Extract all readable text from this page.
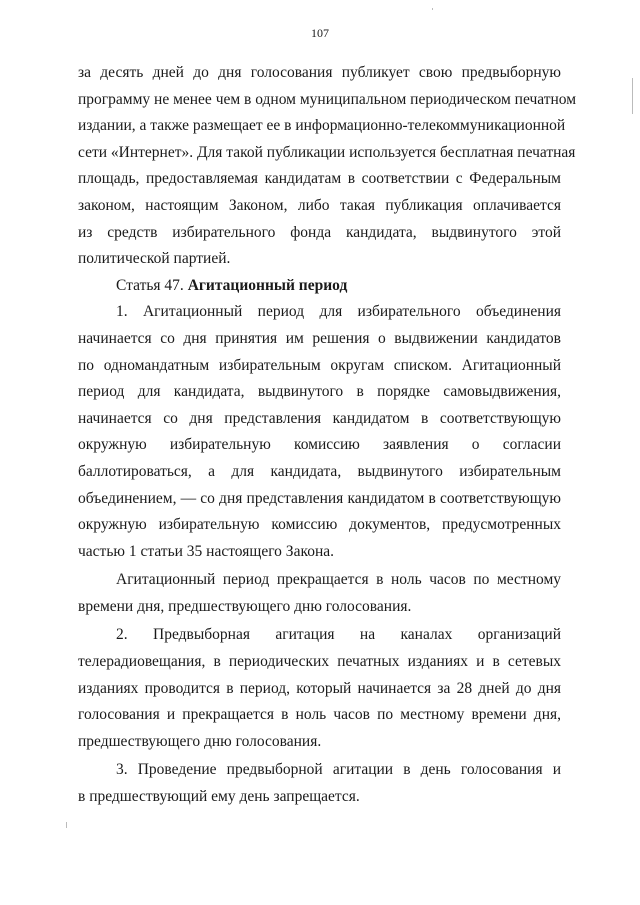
107
за десять дней до дня голосования публикует свою предвыборную
программу не менее чем в одном муниципальном периодическом печатном
издании, а также размещает ее в информационно-телекоммуникационной
сети «Интернет». Для такой публикации используется бесплатная печатная
площадь, предоставляемая кандидатам в соответствии с Федеральным
законом, настоящим Законом, либо такая публикация оплачивается
из средств избирательного фонда кандидата, выдвинутого этой
политической партией.
Статья 47. Агитационный период
1. Агитационный период для избирательного объединения
начинается со дня принятия им решения о выдвижении кандидатов
по одномандатным избирательным округам списком. Агитационный
период для кандидата, выдвинутого в порядке самовыдвижения,
начинается со дня представления кандидатом в соответствующую
окружную избирательную комиссию заявления о согласии
баллотироваться, а для кандидата, выдвинутого избирательным
объединением, — со дня представления кандидатом в соответствующую
окружную избирательную комиссию документов, предусмотренных
частью 1 статьи 35 настоящего Закона.
Агитационный период прекращается в ноль часов по местному
времени дня, предшествующего дню голосования.
2. Предвыборная агитация на каналах организаций
телерадиовещания, в периодических печатных изданиях и в сетевых
изданиях проводится в период, который начинается за 28 дней до дня
голосования и прекращается в ноль часов по местному времени дня,
предшествующего дню голосования.
3. Проведение предвыборной агитации в день голосования и
в предшествующий ему день запрещается.
